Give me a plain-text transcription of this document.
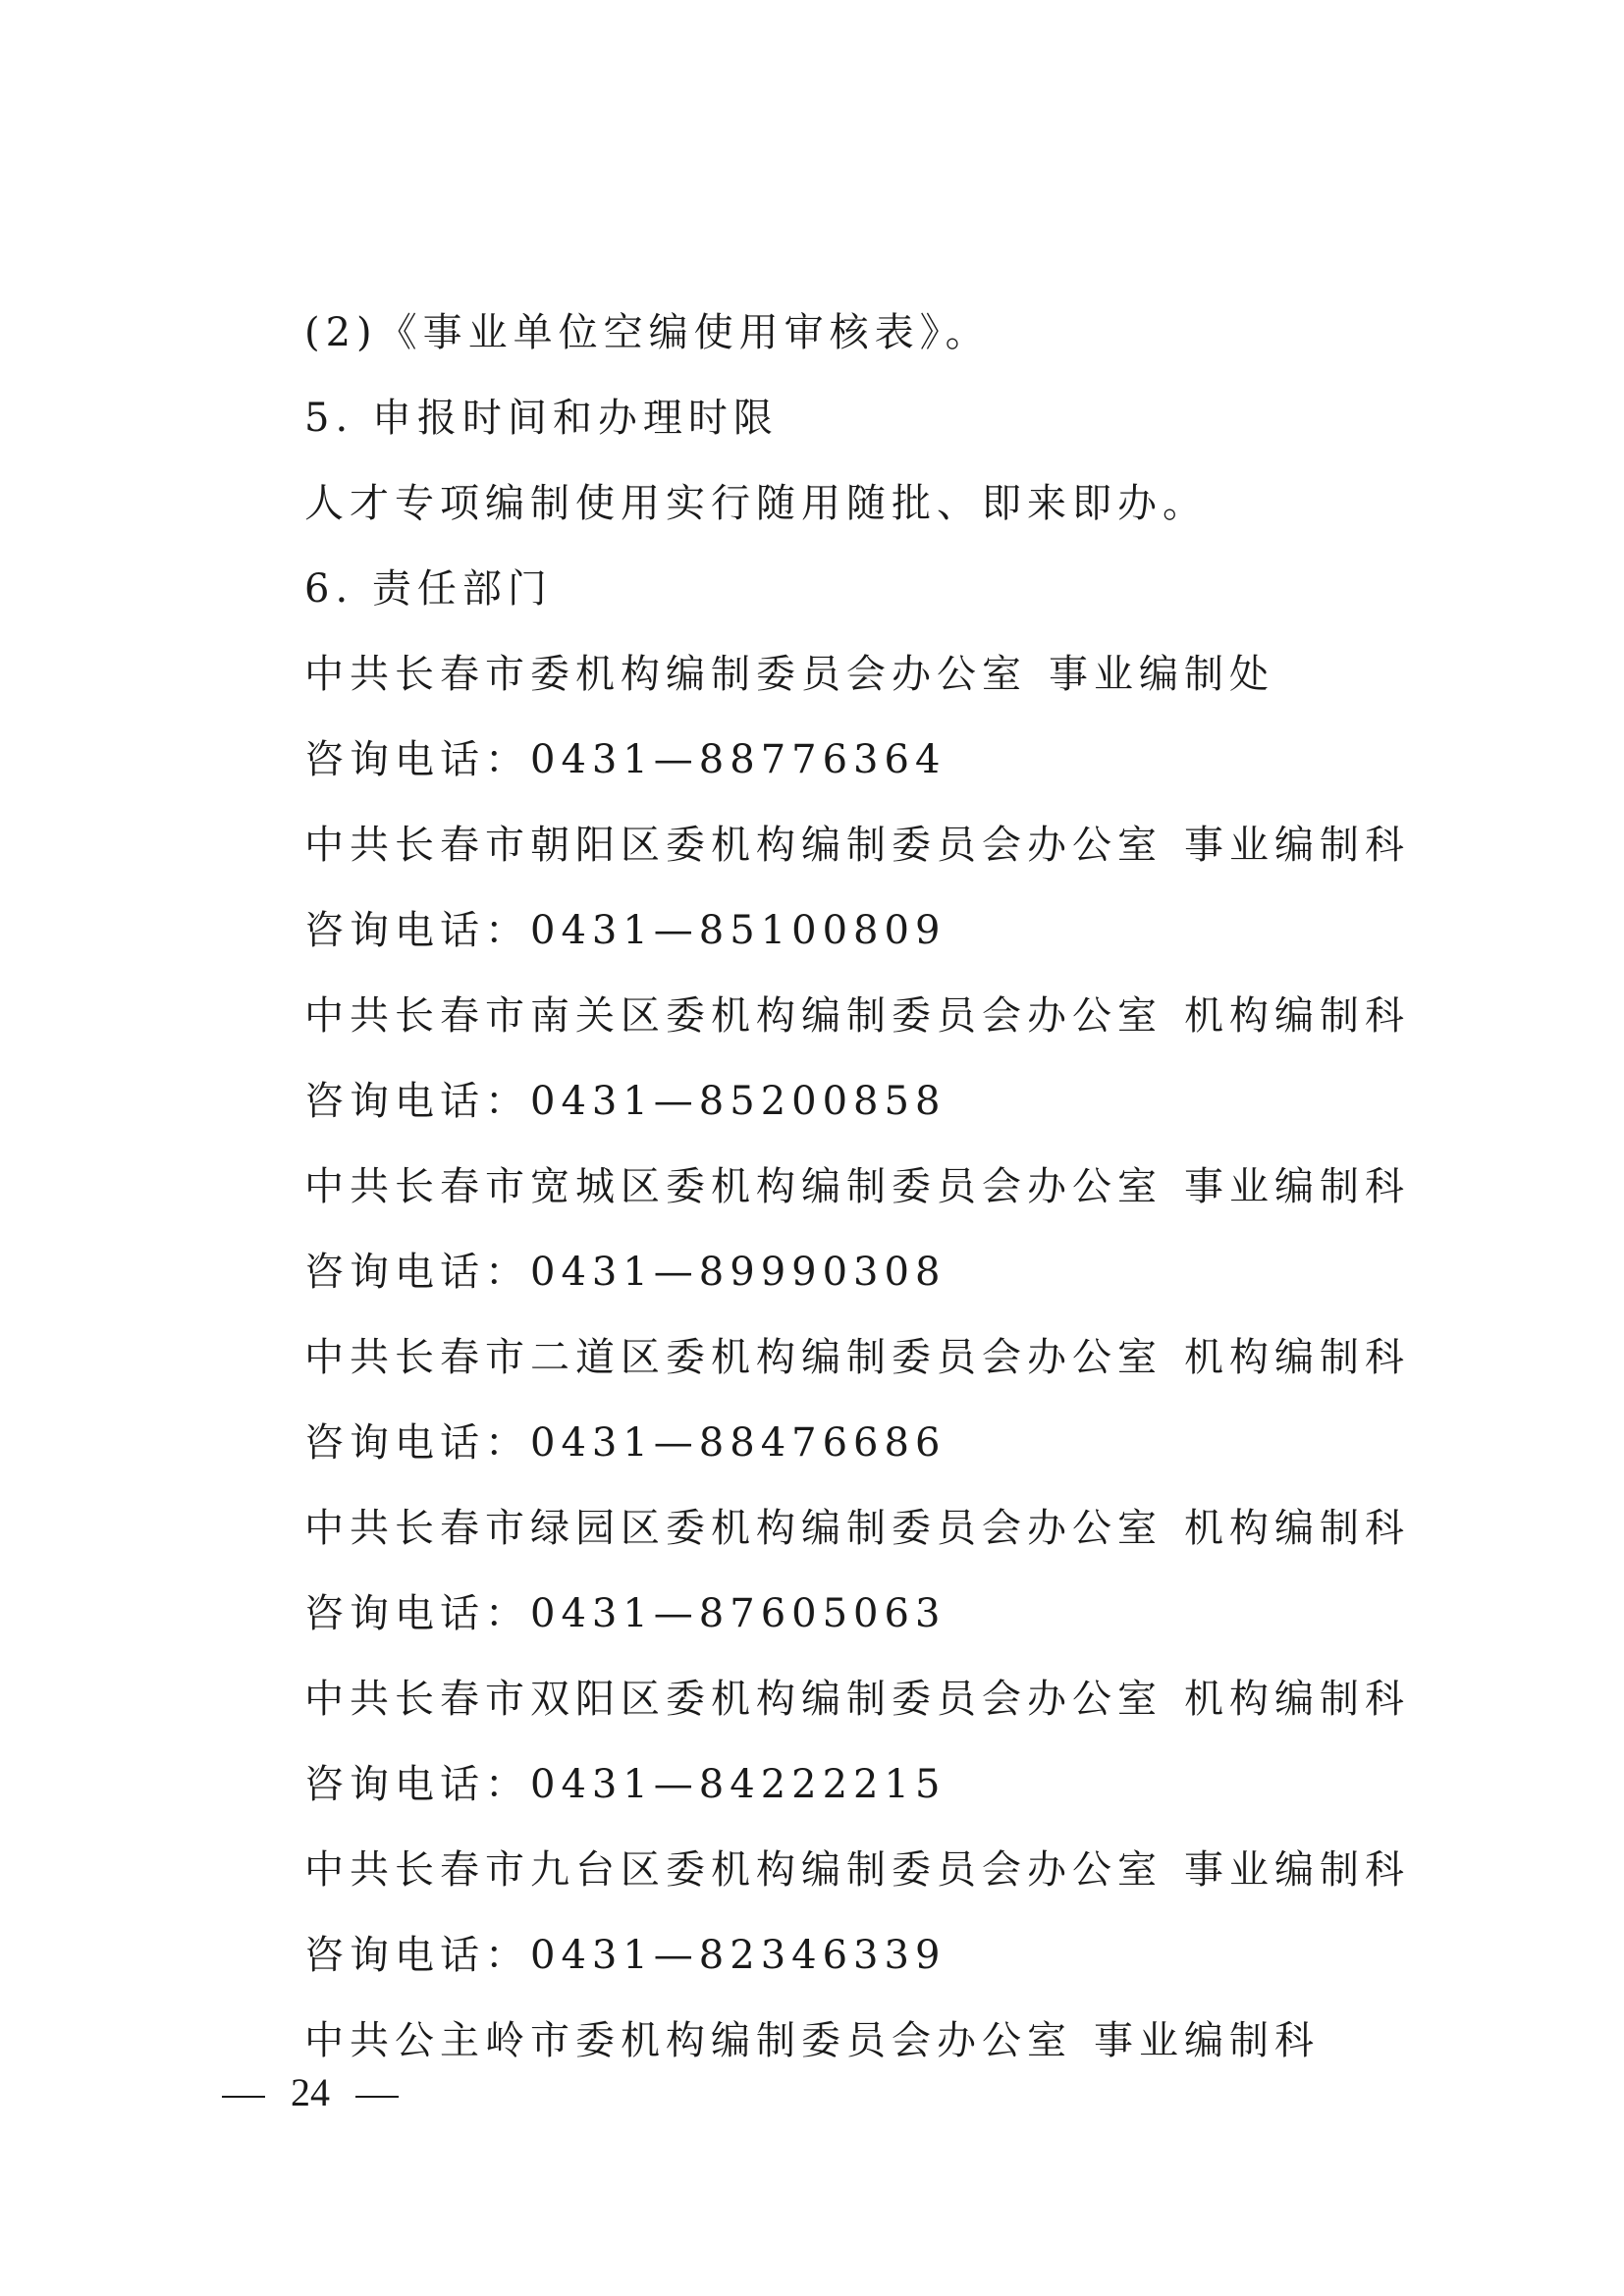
(2)《事业单位空编使用审核表》。
5. 申报时间和办理时限
人才专项编制使用实行随用随批、即来即办。
6. 责任部门
中共长春市委机构编制委员会办公室 事业编制处
咨询电话：0431—88776364
中共长春市朝阳区委机构编制委员会办公室 事业编制科
咨询电话：0431—85100809
中共长春市南关区委机构编制委员会办公室 机构编制科
咨询电话：0431—85200858
中共长春市宽城区委机构编制委员会办公室 事业编制科
咨询电话：0431—89990308
中共长春市二道区委机构编制委员会办公室 机构编制科
咨询电话：0431—88476686
中共长春市绿园区委机构编制委员会办公室 机构编制科
咨询电话：0431—87605063
中共长春市双阳区委机构编制委员会办公室 机构编制科
咨询电话：0431—84222215
中共长春市九台区委机构编制委员会办公室 事业编制科
咨询电话：0431—82346339
中共公主岭市委机构编制委员会办公室 事业编制科
24
